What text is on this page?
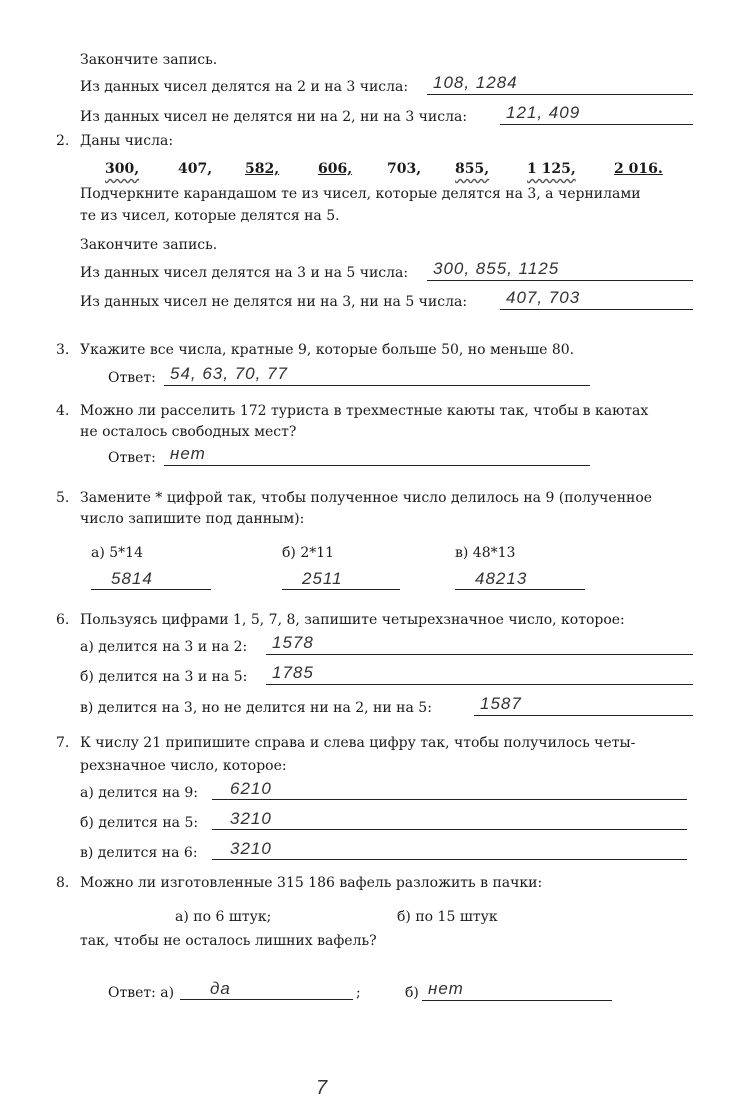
Закончите запись.
Из данных чисел делятся на 2 и на 3 числа:	108, 1284
Из данных чисел не делятся ни на 2, ни на 3 числа:	121, 409
2. Даны числа:
300,	407, 582,	606, 703, 855,	1 125,	2 016.
Подчеркните карандашом те из чисел, которые делятся на 3, а чернилами
те из чисел, которые делятся на 5.
Закончите запись.
Из данных чисел делятся на 3 и на 5 числа:	300, 855, 1125
Из данных чисел не делятся ни на 3, ни на 5 числа:	407, 703
3. Укажите все числа, кратные 9, которые больше 50, но меньше 80.
Ответ: 54, 63, 70, 77
4. Можно ли расселить 172 туриста в трехместные каюты так, чтобы в каютах
не осталось свободных мест?
Ответ: нет
5. Замените * цифрой так, чтобы полученное число делилось на 9 (полученное
число запишите под данным):
а) 5*14	б) 2*11	в) 48*13
5814	2511	48213
6. Пользуясь цифрами 1, 5, 7, 8, запишите четырехзначное число, которое:
а) делится на 3 и на 2:	1578
б) делится на 3 и на 5:	1785
в) делится на 3, но не делится ни на 2, ни на 5:	1587
7. К числу 21 припишите справа и слева цифру так, чтобы получилось четы-
рехзначное число, которое:
а) делится на 9:	6210
б) делится на 5:	3210
в) делится на 6:	3210
8. Можно ли изготовленные 315 186 вафель разложить в пачки:
а) по 6 штук;	б) по 15 штук
так, чтобы не осталось лишних вафель?
Ответ: а)	да	;	б) нет
7
